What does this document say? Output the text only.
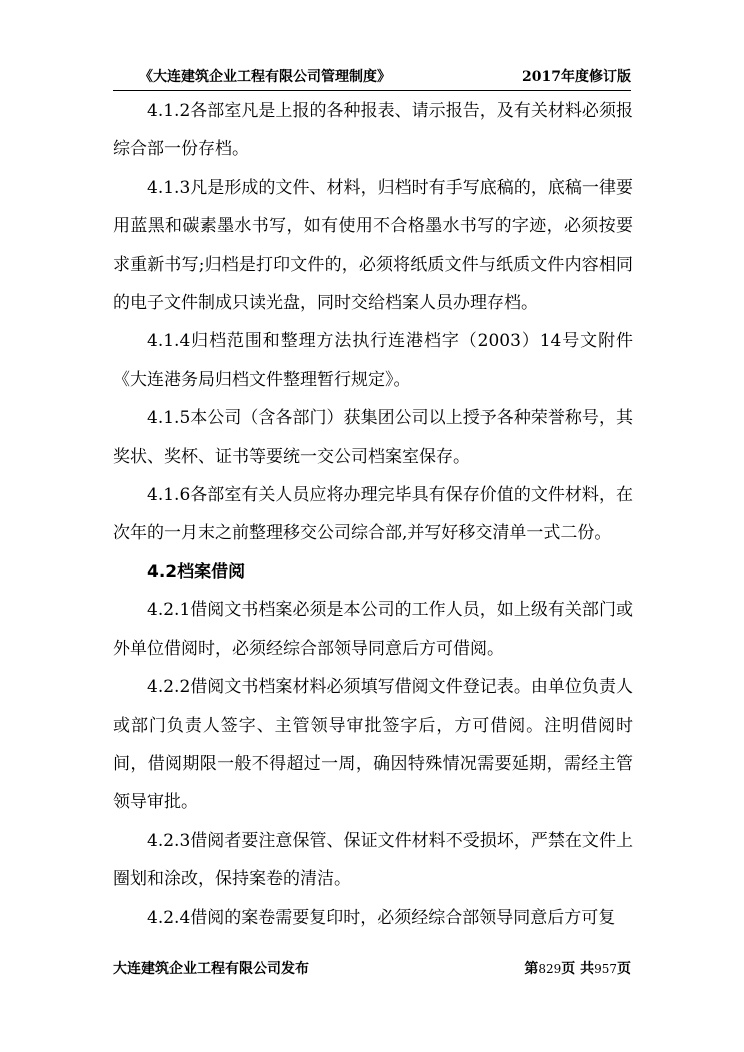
《大连建筑企业工程有限公司管理制度》	2017年度修订版

4.1.2各部室凡是上报的各种报表、请示报告，及有关材料必须报综合部一份存档。

4.1.3凡是形成的文件、材料，归档时有手写底稿的，底稿一律要用蓝黑和碳素墨水书写，如有使用不合格墨水书写的字迹，必须按要求重新书写;归档是打印文件的，必须将纸质文件与纸质文件内容相同的电子文件制成只读光盘，同时交给档案人员办理存档。

4.1.4归档范围和整理方法执行连港档字（2003）14号文附件《大连港务局归档文件整理暂行规定》。

4.1.5本公司（含各部门）获集团公司以上授予各种荣誉称号，其奖状、奖杯、证书等要统一交公司档案室保存。

4.1.6各部室有关人员应将办理完毕具有保存价值的文件材料，在次年的一月末之前整理移交公司综合部,并写好移交清单一式二份。

4.2档案借阅

4.2.1借阅文书档案必须是本公司的工作人员，如上级有关部门或外单位借阅时，必须经综合部领导同意后方可借阅。

4.2.2借阅文书档案材料必须填写借阅文件登记表。由单位负责人或部门负责人签字、主管领导审批签字后，方可借阅。注明借阅时间，借阅期限一般不得超过一周，确因特殊情况需要延期，需经主管领导审批。

4.2.3借阅者要注意保管、保证文件材料不受损坏，严禁在文件上圈划和涂改，保持案卷的清洁。

4.2.4借阅的案卷需要复印时，必须经综合部领导同意后方可复

大连建筑企业工程有限公司发布	第829页 共957页
